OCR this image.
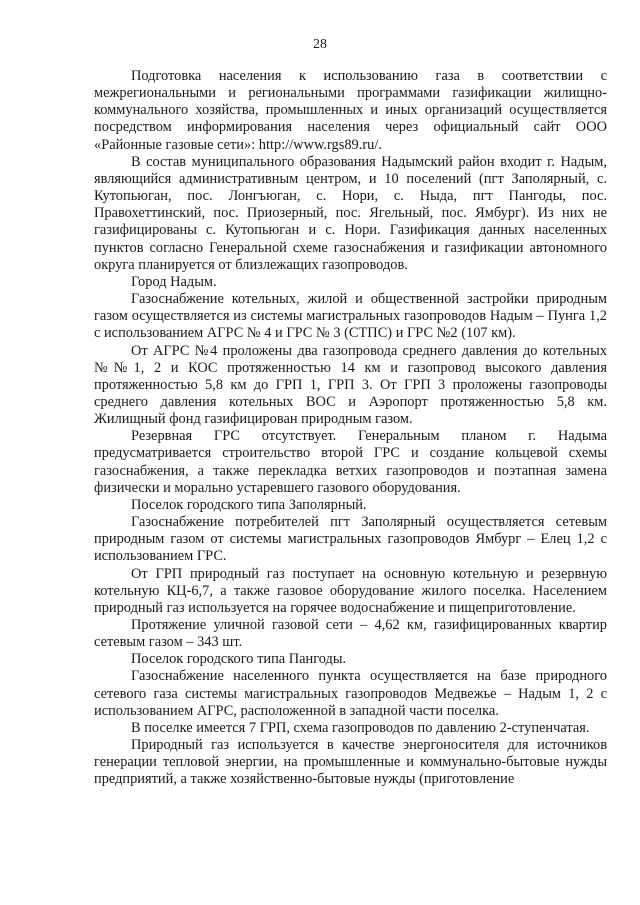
28

Подготовка населения к использованию газа в соответствии с межрегиональными и региональными программами газификации жилищно-коммунального хозяйства, промышленных и иных организаций осуществляется посредством информирования населения через официальный сайт ООО «Районные газовые сети»: http://www.rgs89.ru/.

В состав муниципального образования Надымский район входит г. Надым, являющийся административным центром, и 10 поселений (пгт Заполярный, с. Кутопьюган, пос. Лонгъюган, с. Нори, с. Ныда, пгт Пангоды, пос. Правохеттинский, пос. Приозерный, пос. Ягельный, пос. Ямбург). Из них не газифицированы с. Кутопьюган и с. Нори. Газификация данных населенных пунктов согласно Генеральной схеме газоснабжения и газификации автономного округа планируется от близлежащих газопроводов.

Город Надым.

Газоснабжение котельных, жилой и общественной застройки природным газом осуществляется из системы магистральных газопроводов Надым – Пунга 1,2 с использованием АГРС № 4 и ГРС № 3 (СТПС) и ГРС №2 (107 км).

От АГРС №4 проложены два газопровода среднего давления до котельных №№1, 2 и КОС протяженностью 14 км и газопровод высокого давления протяженностью 5,8 км до ГРП 1, ГРП 3. От ГРП 3 проложены газопроводы среднего давления котельных ВОС и Аэропорт протяженностью 5,8 км. Жилищный фонд газифицирован природным газом.

Резервная ГРС отсутствует. Генеральным планом г. Надыма предусматривается строительство второй ГРС и создание кольцевой схемы газоснабжения, а также перекладка ветхих газопроводов и поэтапная замена физически и морально устаревшего газового оборудования.

Поселок городского типа Заполярный.

Газоснабжение потребителей пгт Заполярный осуществляется сетевым природным газом от системы магистральных газопроводов Ямбург – Елец 1,2 с использованием ГРС.

От ГРП природный газ поступает на основную котельную и резервную котельную КЦ-6,7, а также газовое оборудование жилого поселка. Населением природный газ используется на горячее водоснабжение и пищеприготовление.

Протяжение уличной газовой сети – 4,62 км, газифицированных квартир сетевым газом – 343 шт.

Поселок городского типа Пангоды.

Газоснабжение населенного пункта осуществляется на базе природного сетевого газа системы магистральных газопроводов Медвежье – Надым 1, 2 с использованием АГРС, расположенной в западной части поселка.

В поселке имеется 7 ГРП, схема газопроводов по давлению 2-ступенчатая.

Природный газ используется в качестве энергоносителя для источников генерации тепловой энергии, на промышленные и коммунально-бытовые нужды предприятий, а также хозяйственно-бытовые нужды (приготовление
